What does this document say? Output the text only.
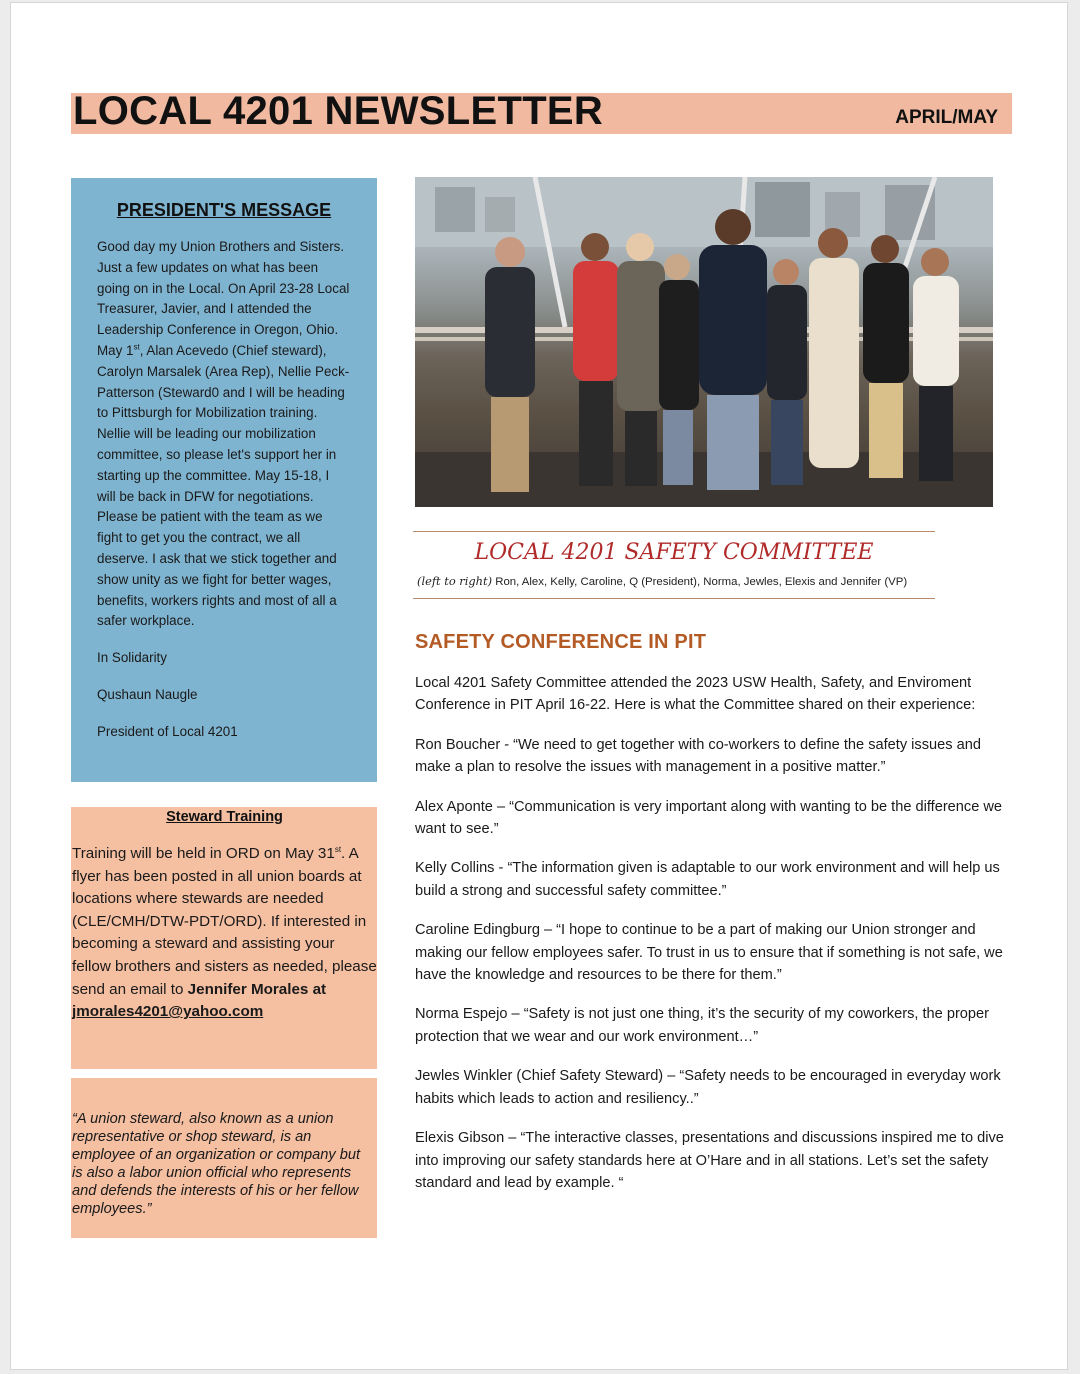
LOCAL 4201 NEWSLETTER	APRIL/MAY
PRESIDENT'S MESSAGE

Good day my Union Brothers and Sisters. Just a few updates on what has been going on in the Local. On April 23-28 Local Treasurer, Javier, and I attended the Leadership Conference in Oregon, Ohio. May 1st, Alan Acevedo (Chief steward), Carolyn Marsalek (Area Rep), Nellie Peck-Patterson (Steward0 and I will be heading to Pittsburgh for Mobilization training. Nellie will be leading our mobilization committee, so please let's support her in starting up the committee. May 15-18, I will be back in DFW for negotiations. Please be patient with the team as we fight to get you the contract, we all deserve. I ask that we stick together and show unity as we fight for better wages, benefits, workers rights and most of all a safer workplace.

In Solidarity

Qushaun Naugle

President of Local 4201

Steward Training

Training will be held in ORD on May 31st. A flyer has been posted in all union boards at locations where stewards are needed (CLE/CMH/DTW-PDT/ORD). If interested in becoming a steward and assisting your fellow brothers and sisters as needed, please send an email to Jennifer Morales at jmorales4201@yahoo.com

“A union steward, also known as a union representative or shop steward, is an employee of an organization or company but is also a labor union official who represents and defends the interests of his or her fellow employees.”

LOCAL 4201 SAFETY COMMITTEE
(left to right) Ron, Alex, Kelly, Caroline, Q (President), Norma, Jewles, Elexis and Jennifer (VP)
SAFETY CONFERENCE IN PIT

Local 4201 Safety Committee attended the 2023 USW Health, Safety, and Enviroment Conference in PIT April 16-22. Here is what the Committee shared on their experience:

Ron Boucher - “We need to get together with co-workers to define the safety issues and make a plan to resolve the issues with management in a positive matter.”

Alex Aponte – “Communication is very important along with wanting to be the difference we want to see.”

Kelly Collins - “The information given is adaptable to our work environment and will help us build a strong and successful safety committee.”

Caroline Edingburg – “I hope to continue to be a part of making our Union stronger and making our fellow employees safer. To trust in us to ensure that if something is not safe, we have the knowledge and resources to be there for them.”

Norma Espejo – “Safety is not just one thing, it’s the security of my coworkers, the proper protection that we wear and our work environment…”

Jewles Winkler (Chief Safety Steward) – “Safety needs to be encouraged in everyday work habits which leads to action and resiliency..”

Elexis Gibson – “The interactive classes, presentations and discussions inspired me to dive into improving our safety standards here at O’Hare and in all stations. Let’s set the safety standard and lead by example. “
